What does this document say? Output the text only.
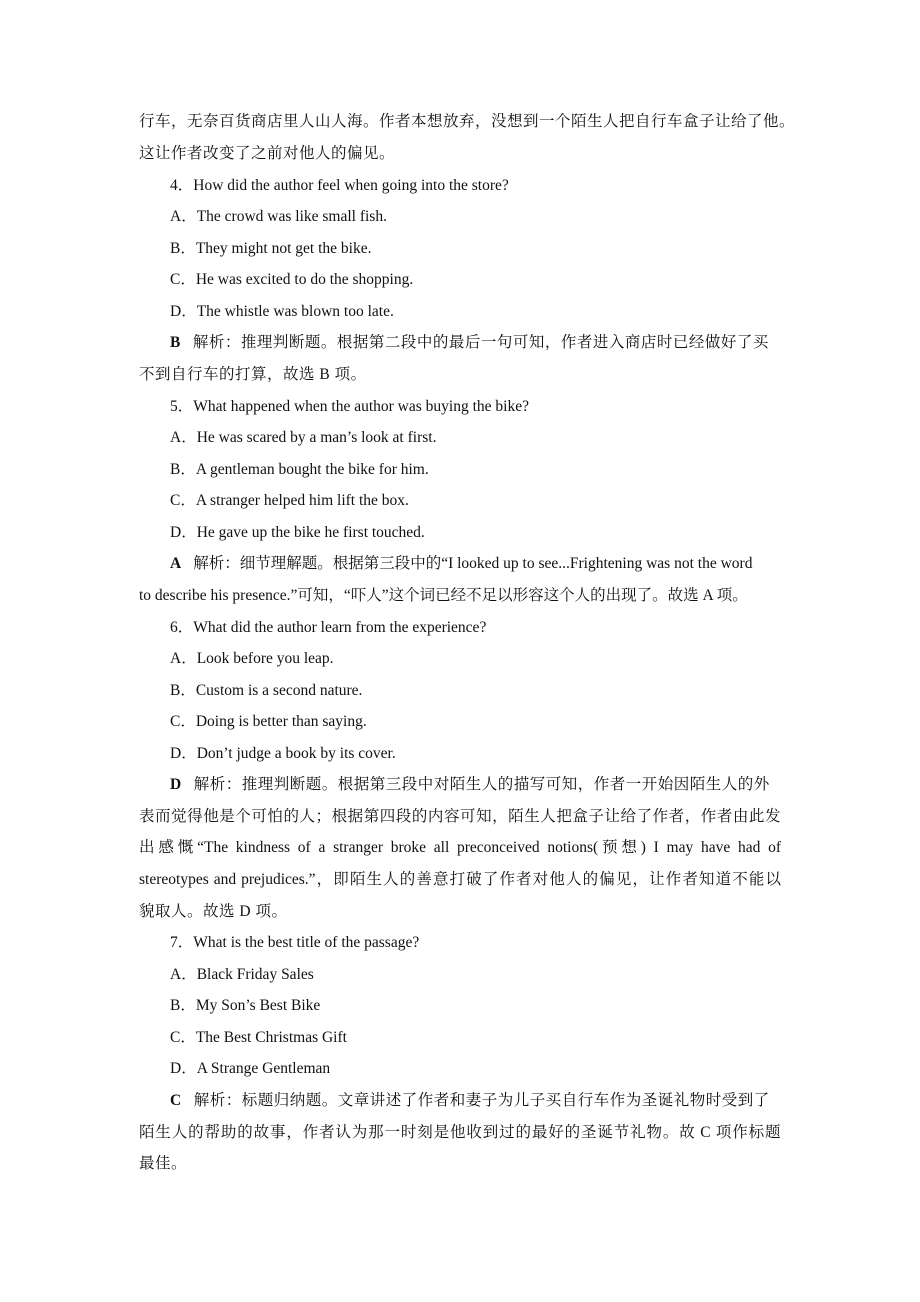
行车，无奈百货商店里人山人海。作者本想放弃，没想到一个陌生人把自行车盒子让给了他。
这让作者改变了之前对他人的偏见。
4．How did the author feel when going into the store?
A．The crowd was like small fish.
B．They might not get the bike.
C．He was excited to do the shopping.
D．The whistle was blown too late.
B 解析：推理判断题。根据第二段中的最后一句可知，作者进入商店时已经做好了买
不到自行车的打算，故选 B 项。
5．What happened when the author was buying the bike?
A．He was scared by a man’s look at first.
B．A gentleman bought the bike for him.
C．A stranger helped him lift the box.
D．He gave up the bike he first touched.
A 解析：细节理解题。根据第三段中的“I looked up to see...Frightening was not the word
to describe his presence.”可知，“吓人”这个词已经不足以形容这个人的出现了。故选 A 项。
6．What did the author learn from the experience?
A．Look before you leap.
B．Custom is a second nature.
C．Doing is better than saying.
D．Don’t judge a book by its cover.
D 解析：推理判断题。根据第三段中对陌生人的描写可知，作者一开始因陌生人的外
表而觉得他是个可怕的人；根据第四段的内容可知，陌生人把盒子让给了作者，作者由此发
出感慨“The kindness of a stranger broke all preconceived notions(预想) I may have had of
stereotypes and prejudices.”，即陌生人的善意打破了作者对他人的偏见，让作者知道不能以
貌取人。故选 D 项。
7．What is the best title of the passage?
A．Black Friday Sales
B．My Son’s Best Bike
C．The Best Christmas Gift
D．A Strange Gentleman
C 解析：标题归纳题。文章讲述了作者和妻子为儿子买自行车作为圣诞礼物时受到了
陌生人的帮助的故事，作者认为那一时刻是他收到过的最好的圣诞节礼物。故 C 项作标题
最佳。
